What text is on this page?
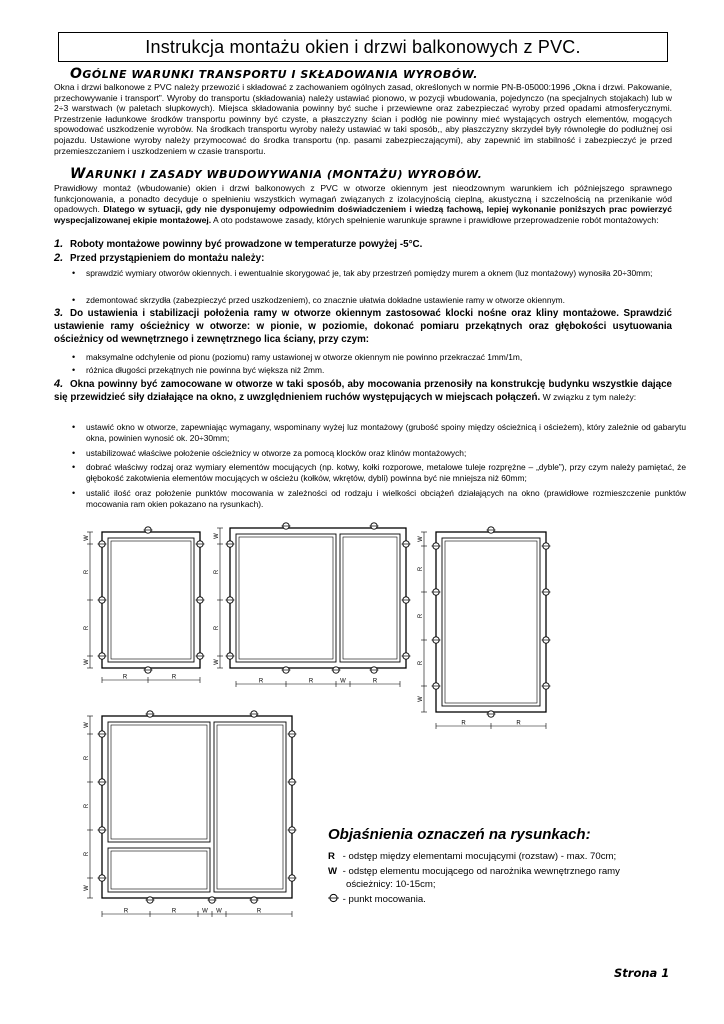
Instrukcja montażu okien i drzwi balkonowych z PVC.
OGÓLNE WARUNKI TRANSPORTU I SKŁADOWANIA WYROBÓW.
Okna i drzwi balkonowe z PVC należy przewozić i składować z zachowaniem ogólnych zasad, określonych w normie PN-B-05000:1996 „Okna i drzwi. Pakowanie, przechowywanie i transport”. Wyroby do transportu (składowania) należy ustawiać pionowo, w pozycji wbudowania, pojedynczo (na specjalnych stojakach) lub w 2÷3 warstwach (w paletach słupkowych). Miejsca składowania powinny być suche i przewiewne oraz zabezpieczać wyroby przed opadami atmosferycznymi. Przestrzenie ładunkowe środków transportu powinny być czyste, a płaszczyzny ścian i podłóg nie powinny mieć wystających ostrych elementów, mogących spowodować uszkodzenie wyrobów. Na środkach transportu wyroby należy ustawiać w taki sposób,, aby płaszczyzny skrzydeł były równoległe do podłużnej osi pojazdu. Ustawione wyroby należy przymocować do środka transportu (np. pasami zabezpieczającymi), aby zapewnić im stabilność i zabezpieczyć je przed przemieszczaniem i uszkodzeniem w czasie transportu.
WARUNKI I ZASADY WBUDOWYWANIA (MONTAŻU) WYROBÓW.
Prawidłowy montaż (wbudowanie) okien i drzwi balkonowych z PVC w otworze okiennym jest nieodzownym warunkiem ich późniejszego sprawnego funkcjonowania, a ponadto decyduje o spełnieniu wszystkich wymagań związanych z izolacyjnością cieplną, akustyczną i szczelnością na przenikanie wód opadowych. Dlatego w sytuacji, gdy nie dysponujemy odpowiednim doświadczeniem i wiedzą fachową, lepiej wykonanie poniższych prac powierzyć wyspecjalizowanej ekipie montażowej. A oto podstawowe zasady, których spełnienie warunkuje sprawne i prawidłowe przeprowadzenie robót montażowych:
1. Roboty montażowe powinny być prowadzone w temperaturze powyżej -5°C.
2. Przed przystąpieniem do montażu należy:
• sprawdzić wymiary otworów okiennych. i ewentualnie skorygować je, tak aby przestrzeń pomiędzy murem a oknem (luz montażowy) wynosiła 20÷30mm;
• zdemontować skrzydła (zabezpieczyć przed uszkodzeniem), co znacznie ułatwia dokładne ustawienie ramy w otworze okiennym.
3. Do ustawienia i stabilizacji położenia ramy w otworze okiennym zastosować klocki nośne oraz kliny montażowe. Sprawdzić ustawienie ramy ościeżnicy w otworze: w pionie, w poziomie, dokonać pomiaru przekątnych oraz głębokości usytuowania ościeżnicy od wewnętrznego i zewnętrznego lica ściany, przy czym:
• maksymalne odchylenie od pionu (poziomu) ramy ustawionej w otworze okiennym nie powinno przekraczać 1mm/1m,
• różnica długości przekątnych nie powinna być większa niż 2mm.
4. Okna powinny być zamocowane w otworze w taki sposób, aby mocowania przenosiły na konstrukcję budynku wszystkie dające się przewidzieć siły działające na okno, z uwzględnieniem ruchów występujących w miejscach połączeń. W związku z tym należy:
• ustawić okno w otworze, zapewniając wymagany, wspominany wyżej luz montażowy (grubość spoiny między ościeżnicą i ościeżem), który zależnie od gabarytu okna, powinien wynosić ok. 20÷30mm;
• ustabilizować właściwe położenie ościeżnicy w otworze za pomocą klocków oraz klinów montażowych;
• dobrać właściwy rodzaj oraz wymiary elementów mocujących (np. kotwy, kołki rozporowe, metalowe tuleje rozprężne – „dyble”), przy czym należy pamiętać, że głębokość zakotwienia elementów mocujących w ościeżu (kołków, wkrętów, dybli) powinna być nie mniejsza niż 60mm;
• ustalić ilość oraz położenie punktów mocowania w zależności od rodzaju i wielkości obciążeń działających na okno (prawidłowe rozmieszczenie punktów mocowania ram okien pokazano na rysunkach).
W
R
R
W
R	R
W
R
R
W
R	R	W	R
W
R
R
R
W
R	R
W
R
R
R
W
R	R	W W	R
Objaśnienia oznaczeń na rysunkach:
R - odstęp między elementami mocującymi (rozstaw) - max. 70cm;
W - odstęp elementu mocującego od narożnika wewnętrznego ramy
ościeżnicy: 10-15cm;
- punkt mocowania.
Strona 1
